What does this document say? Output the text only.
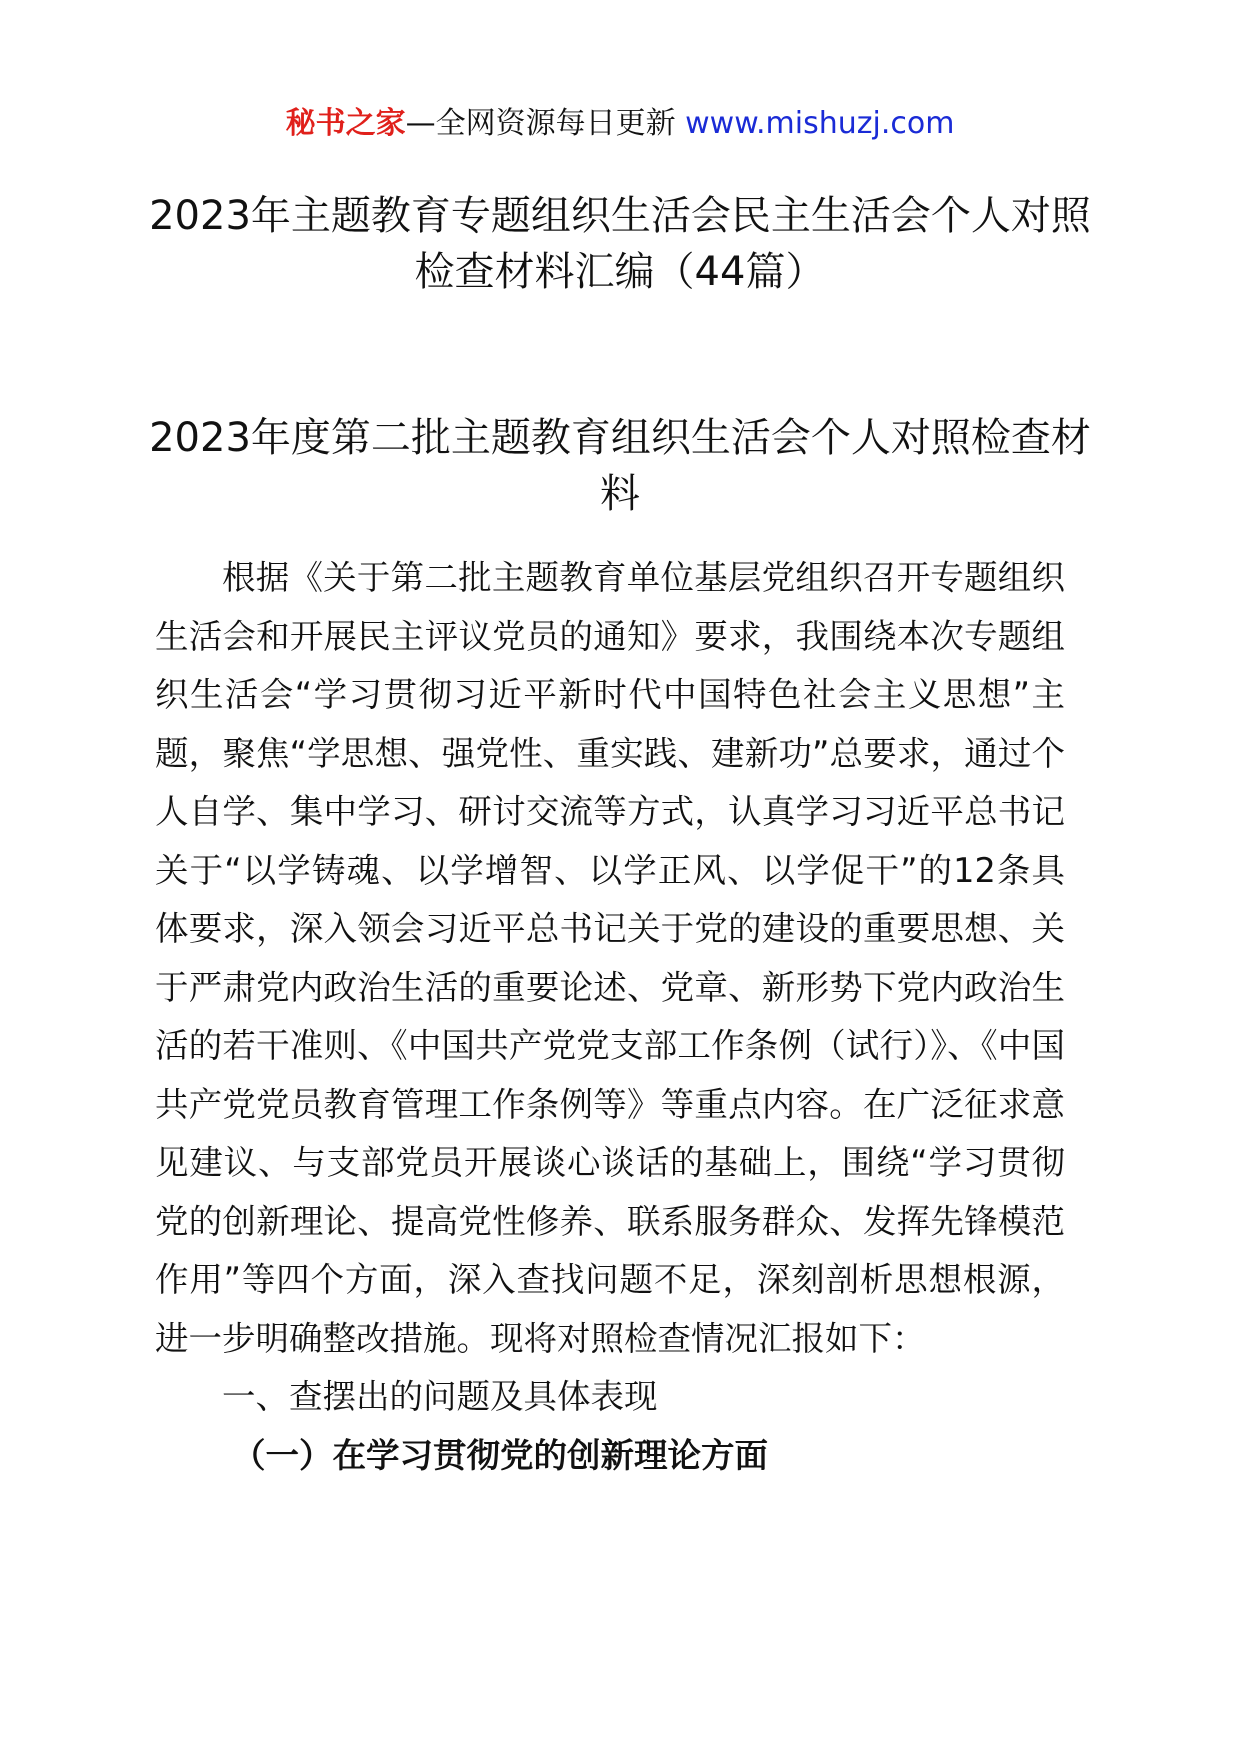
秘书之家—全网资源每日更新 www.mishuzj.com
2023年主题教育专题组织生活会民主生活会个人对照检查材料汇编（44篇）
2023年度第二批主题教育组织生活会个人对照检查材料

根据《关于第二批主题教育单位基层党组织召开专题组织生活会和开展民主评议党员的通知》要求，我围绕本次专题组织生活会“学习贯彻习近平新时代中国特色社会主义思想”主题，聚焦“学思想、强党性、重实践、建新功”总要求，通过个人自学、集中学习、研讨交流等方式，认真学习习近平总书记关于“以学铸魂、以学增智、以学正风、以学促干”的12条具体要求，深入领会习近平总书记关于党的建设的重要思想、关于严肃党内政治生活的重要论述、党章、新形势下党内政治生活的若干准则、《中国共产党党支部工作条例（试行）》、《中国共产党党员教育管理工作条例等》等重点内容。在广泛征求意见建议、与支部党员开展谈心谈话的基础上，围绕“学习贯彻党的创新理论、提高党性修养、联系服务群众、发挥先锋模范作用”等四个方面，深入查找问题不足，深刻剖析思想根源，进一步明确整改措施。现将对照检查情况汇报如下：

一、查摆出的问题及具体表现
（一）在学习贯彻党的创新理论方面
